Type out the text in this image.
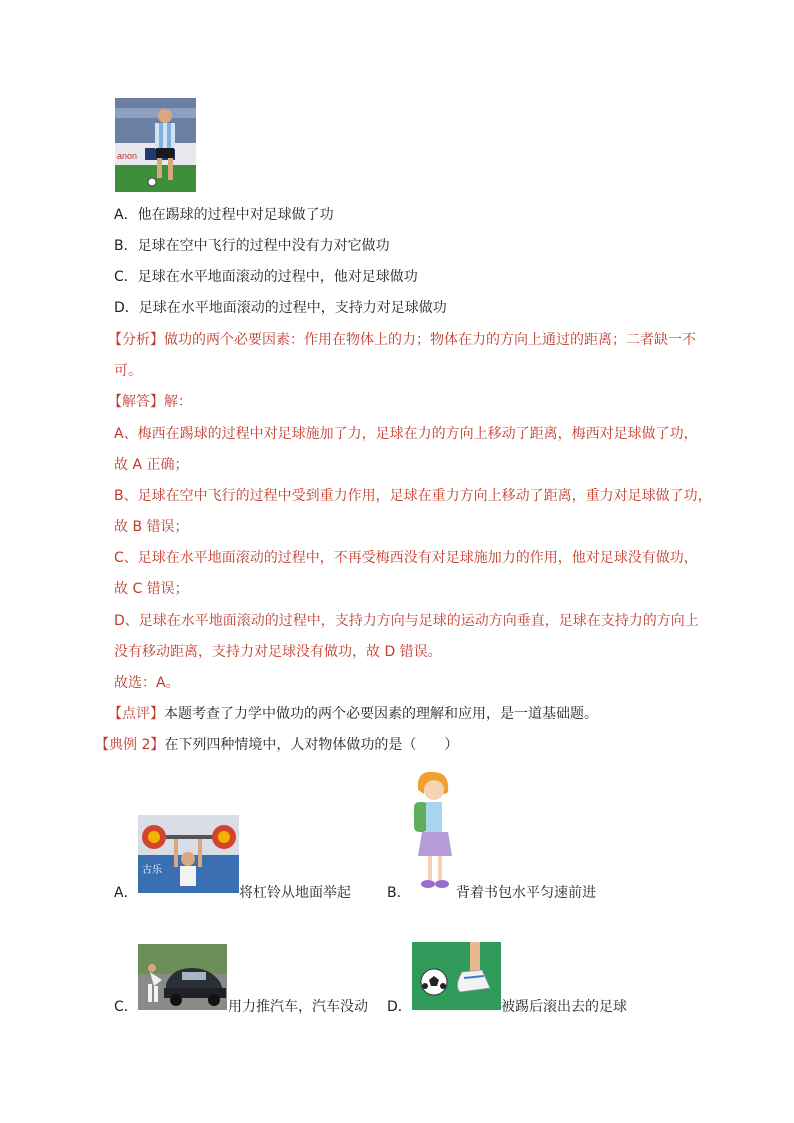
anon
A．他在踢球的过程中对足球做了功
B．足球在空中飞行的过程中没有力对它做功
C．足球在水平地面滚动的过程中，他对足球做功
D．足球在水平地面滚动的过程中，支持力对足球做功
【分析】做功的两个必要因素：作用在物体上的力；物体在力的方向上通过的距离；二者缺一不
可。
【解答】解：
A、梅西在踢球的过程中对足球施加了力，足球在力的方向上移动了距离，梅西对足球做了功，
故 A 正确；
B、足球在空中飞行的过程中受到重力作用，足球在重力方向上移动了距离，重力对足球做了功，
故 B 错误；
C、足球在水平地面滚动的过程中，不再受梅西没有对足球施加力的作用，他对足球没有做功，
故 C 错误；
D、足球在水平地面滚动的过程中，支持力方向与足球的运动方向垂直，足球在支持力的方向上
没有移动距离，支持力对足球没有做功，故 D 错误。
故选：A。
【点评】本题考查了力学中做功的两个必要因素的理解和应用，是一道基础题。
【典例 2】在下列四种情境中，人对物体做功的是（　　）
古乐
A．	将杠铃从地面举起	B．	背着书包水平匀速前进
C．	用力推汽车，汽车没动 D．	被踢后滚出去的足球
